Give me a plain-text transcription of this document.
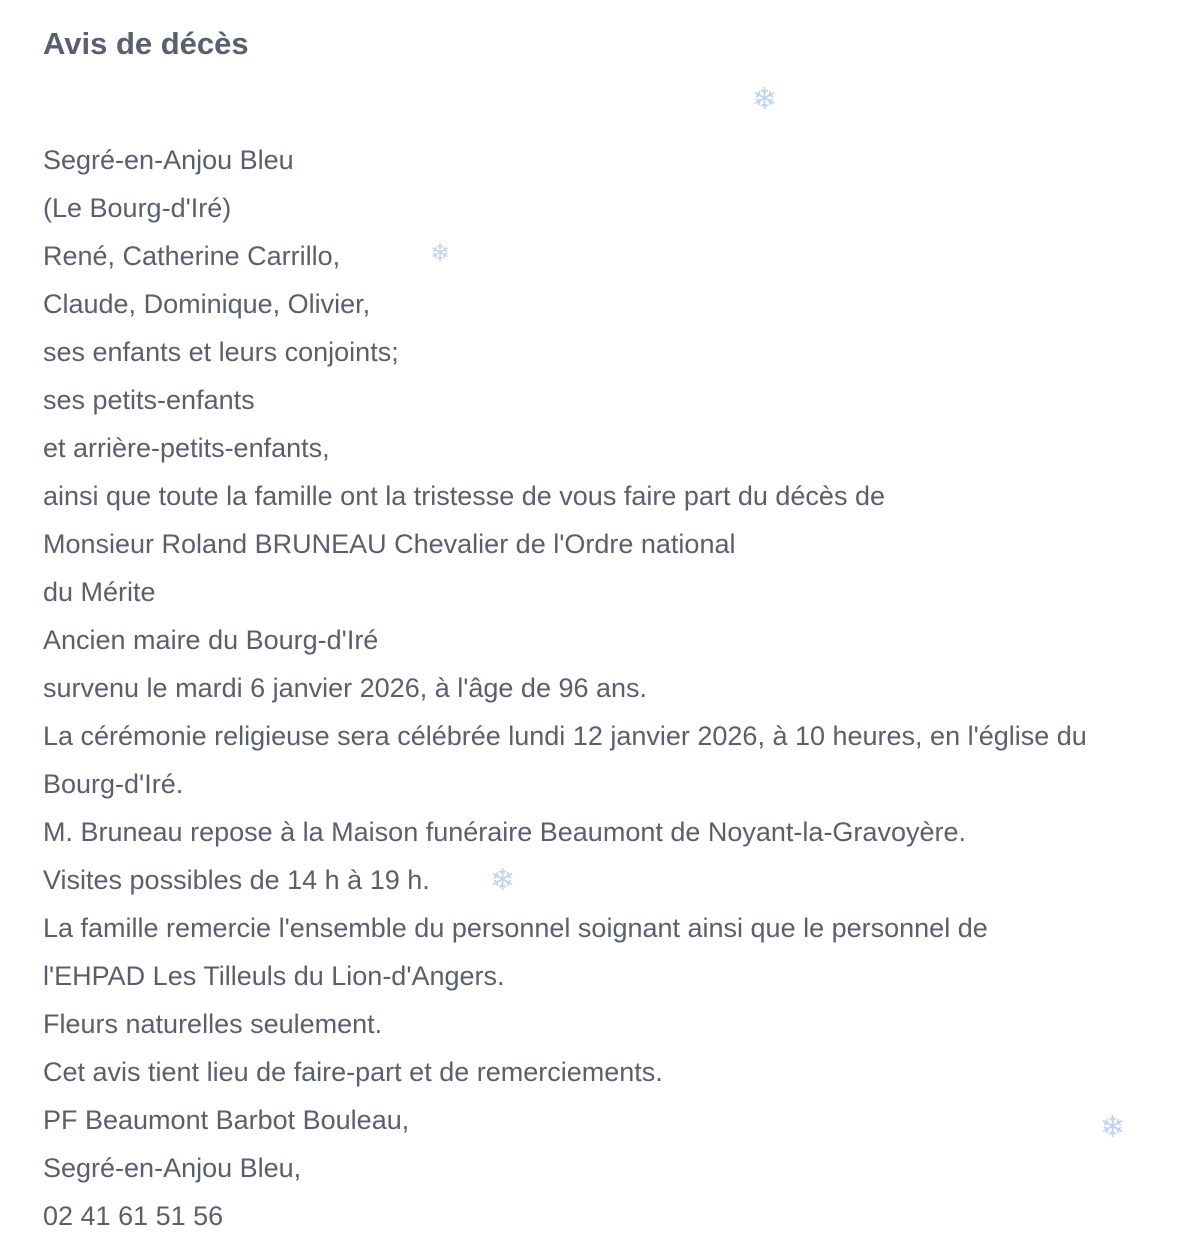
Avis de décès
Segré-en-Anjou Bleu
(Le Bourg-d'Iré)
René, Catherine Carrillo,
Claude, Dominique, Olivier,
ses enfants et leurs conjoints;
ses petits-enfants
et arrière-petits-enfants,
ainsi que toute la famille ont la tristesse de vous faire part du décès de
Monsieur Roland BRUNEAU Chevalier de l'Ordre national
du Mérite
Ancien maire du Bourg-d'Iré
survenu le mardi 6 janvier 2026, à l'âge de 96 ans.
La cérémonie religieuse sera célébrée lundi 12 janvier 2026, à 10 heures, en l'église du
Bourg-d'Iré.
M. Bruneau repose à la Maison funéraire Beaumont de Noyant-la-Gravoyère.
Visites possibles de 14 h à 19 h.
La famille remercie l'ensemble du personnel soignant ainsi que le personnel de
l'EHPAD Les Tilleuls du Lion-d'Angers.
Fleurs naturelles seulement.
Cet avis tient lieu de faire-part et de remerciements.
PF Beaumont Barbot Bouleau,
Segré-en-Anjou Bleu,
02 41 61 51 56
❄
❄
❄
❄
